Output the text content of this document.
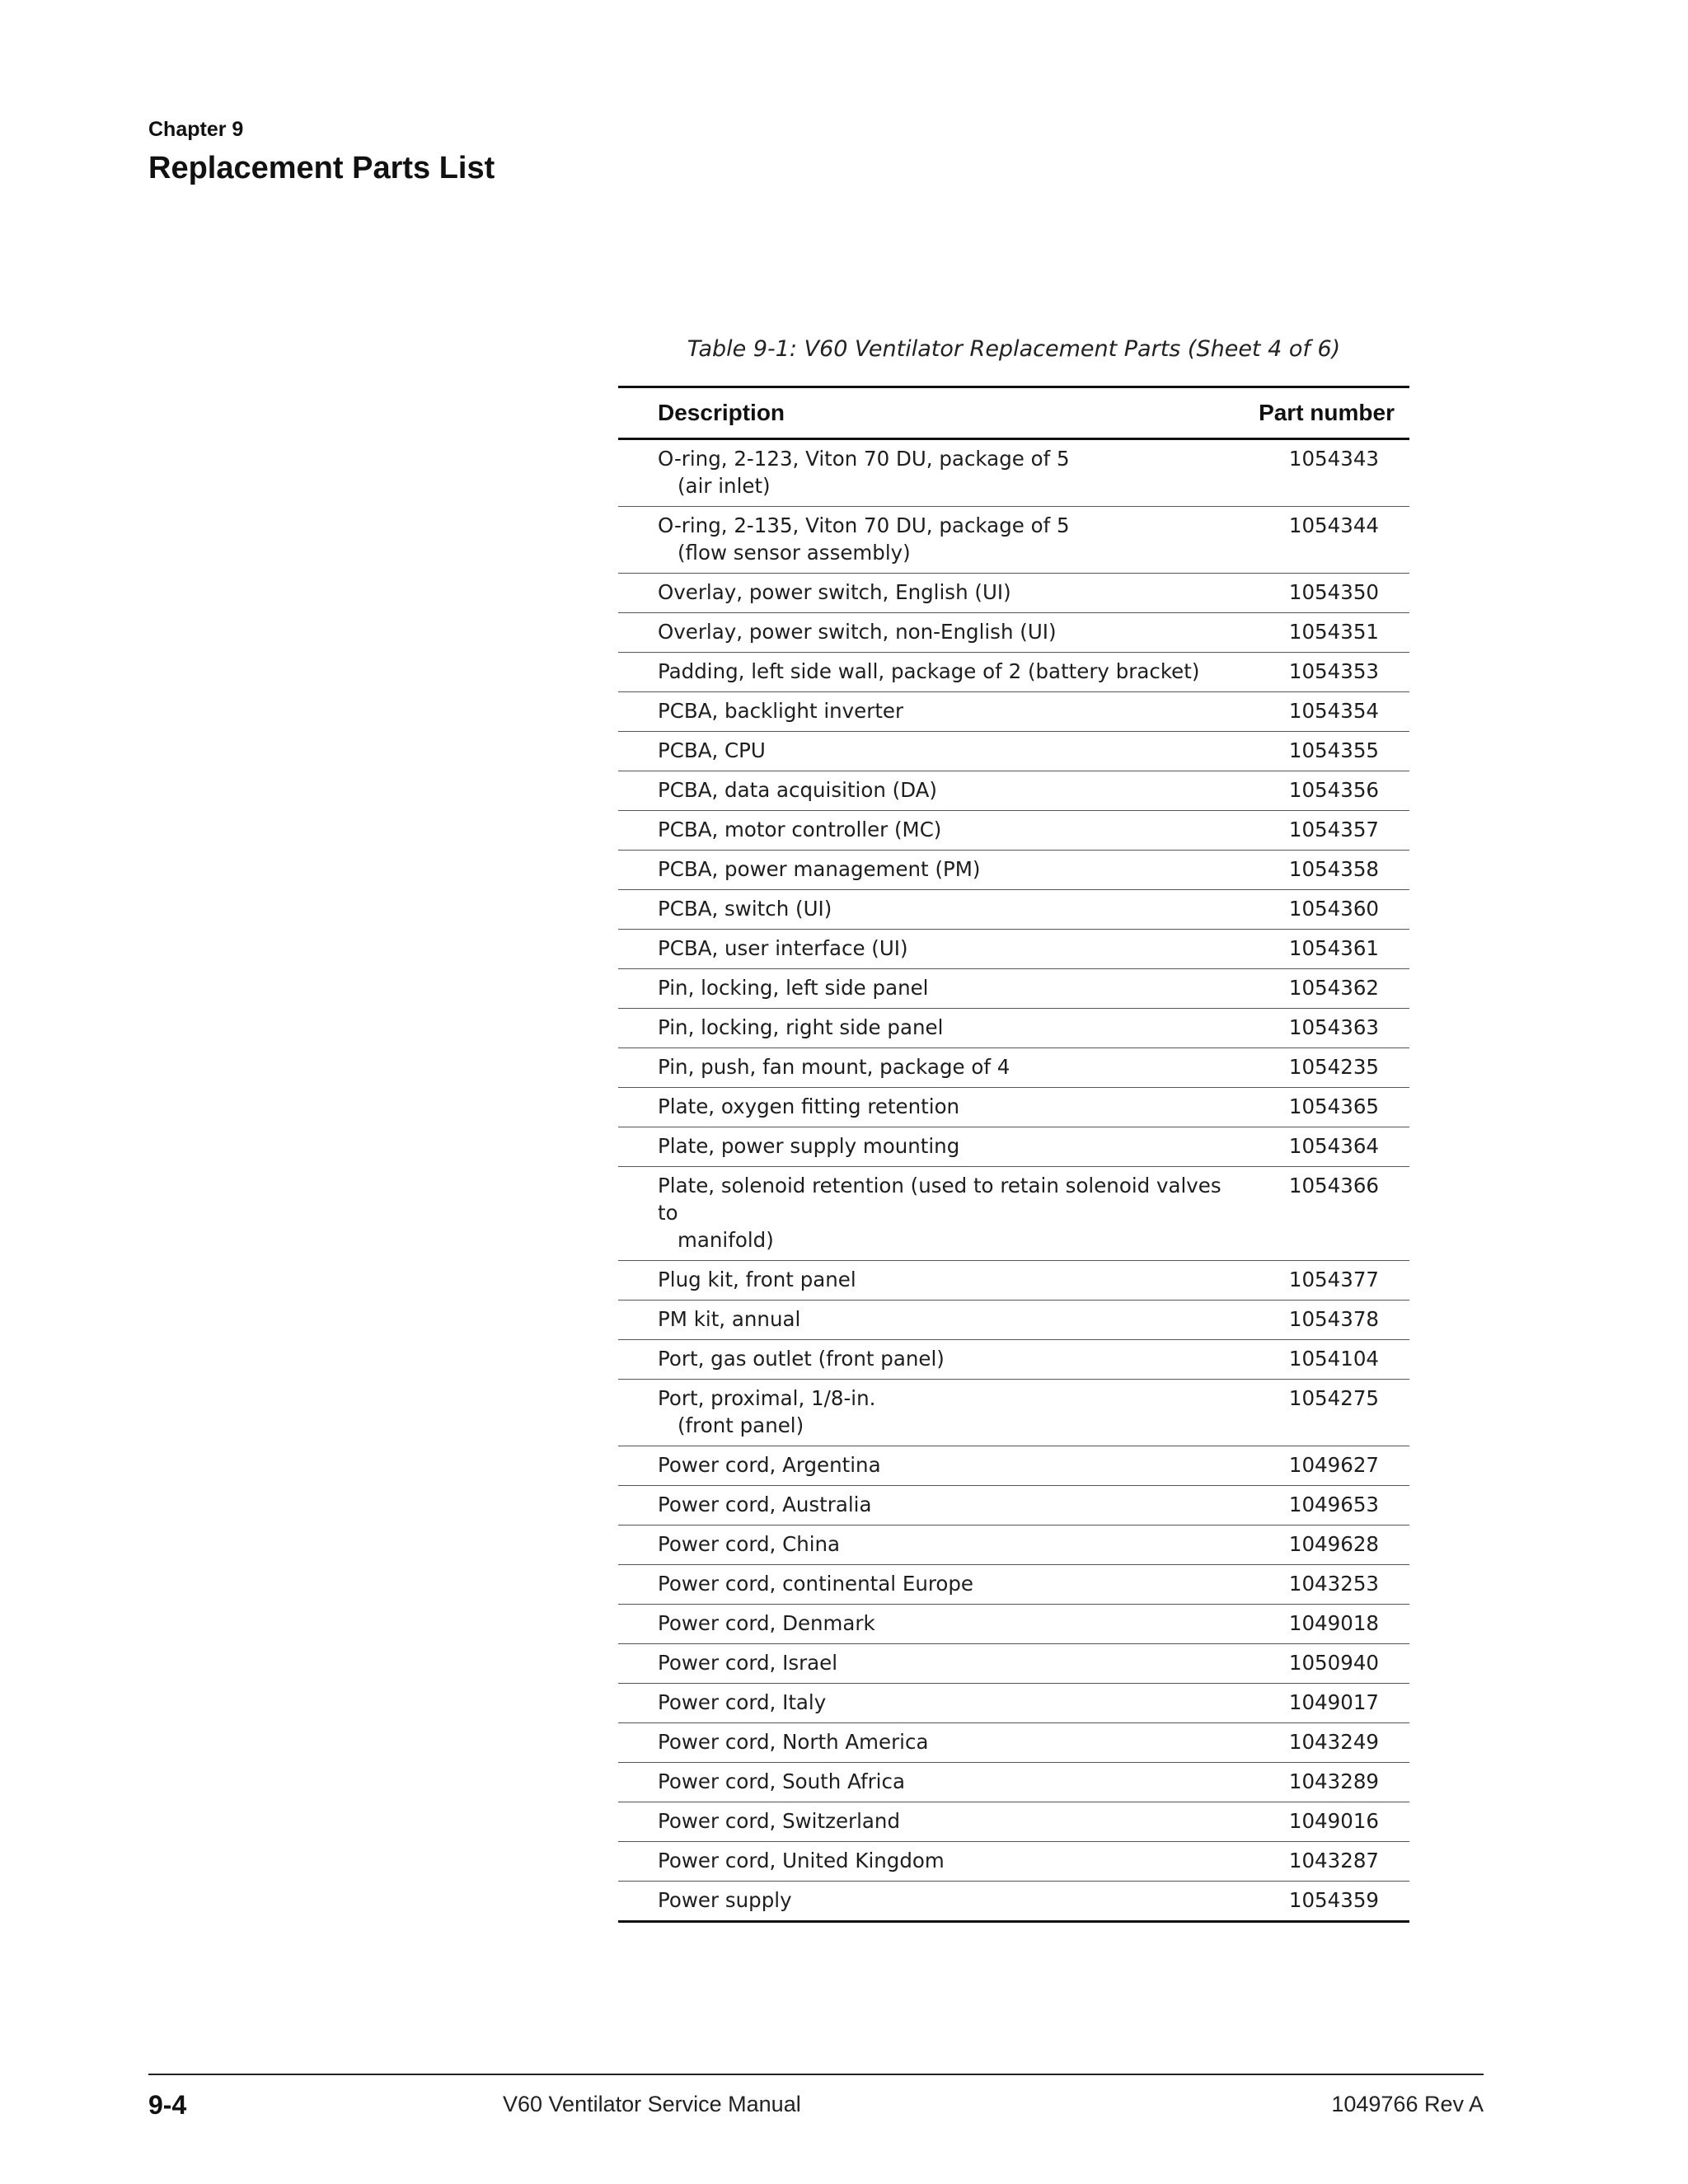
Chapter 9
Replacement Parts List
Table 9-1: V60 Ventilator Replacement Parts (Sheet 4 of 6)
Description	Part number
O-ring, 2-123, Viton 70 DU, package of 5
(air inlet)	1054343
O-ring, 2-135, Viton 70 DU, package of 5
(flow sensor assembly)	1054344
Overlay, power switch, English (UI)	1054350
Overlay, power switch, non-English (UI)	1054351
Padding, left side wall, package of 2 (battery bracket)	1054353
PCBA, backlight inverter	1054354
PCBA, CPU	1054355
PCBA, data acquisition (DA)	1054356
PCBA, motor controller (MC)	1054357
PCBA, power management (PM)	1054358
PCBA, switch (UI)	1054360
PCBA, user interface (UI)	1054361
Pin, locking, left side panel	1054362
Pin, locking, right side panel	1054363
Pin, push, fan mount, package of 4	1054235
Plate, oxygen fitting retention	1054365
Plate, power supply mounting	1054364
Plate, solenoid retention (used to retain solenoid valves to
manifold)	1054366
Plug kit, front panel	1054377
PM kit, annual	1054378
Port, gas outlet (front panel)	1054104
Port, proximal, 1/8-in.
(front panel)	1054275
Power cord, Argentina	1049627
Power cord, Australia	1049653
Power cord, China	1049628
Power cord, continental Europe	1043253
Power cord, Denmark	1049018
Power cord, Israel	1050940
Power cord, Italy	1049017
Power cord, North America	1043249
Power cord, South Africa	1043289
Power cord, Switzerland	1049016
Power cord, United Kingdom	1043287
Power supply	1054359
9-4	V60 Ventilator Service Manual	1049766 Rev A
